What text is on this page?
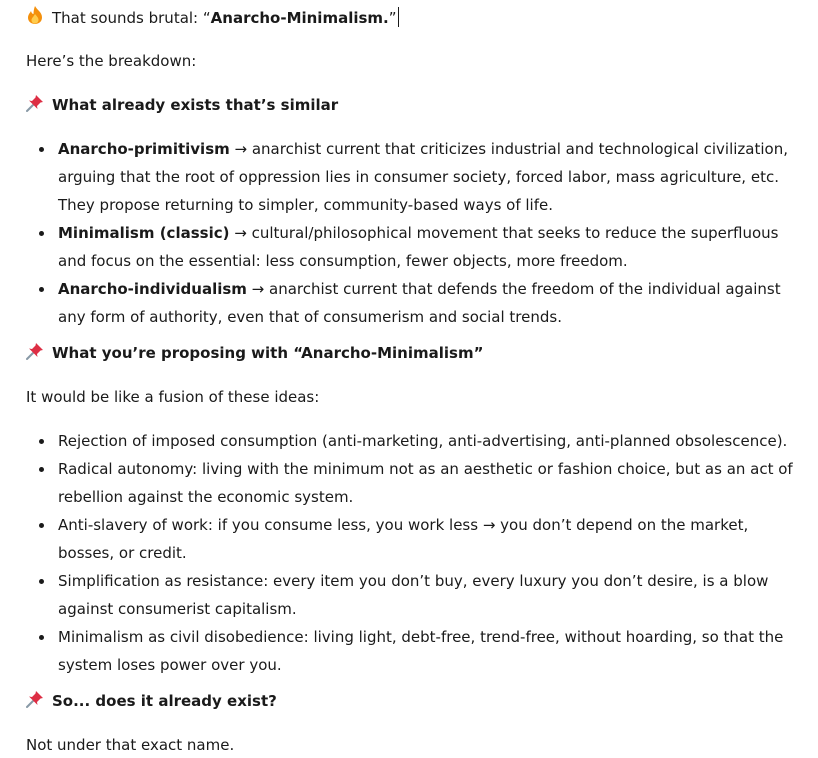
That sounds brutal: “Anarcho-Minimalism.”
Here’s the breakdown:
What already exists that’s similar
Anarcho-primitivism → anarchist current that criticizes industrial and technological civilization, arguing that the root of oppression lies in consumer society, forced labor, mass agriculture, etc. They propose returning to simpler, community-based ways of life.
Minimalism (classic) → cultural/philosophical movement that seeks to reduce the superfluous and focus on the essential: less consumption, fewer objects, more freedom.
Anarcho-individualism → anarchist current that defends the freedom of the individual against any form of authority, even that of consumerism and social trends.
What you’re proposing with “Anarcho-Minimalism”
It would be like a fusion of these ideas:
Rejection of imposed consumption (anti-marketing, anti-advertising, anti-planned obsolescence).
Radical autonomy: living with the minimum not as an aesthetic or fashion choice, but as an act of rebellion against the economic system.
Anti-slavery of work: if you consume less, you work less → you don’t depend on the market, bosses, or credit.
Simplification as resistance: every item you don’t buy, every luxury you don’t desire, is a blow against consumerist capitalism.
Minimalism as civil disobedience: living light, debt-free, trend-free, without hoarding, so that the system loses power over you.
So... does it already exist?
Not under that exact name.
